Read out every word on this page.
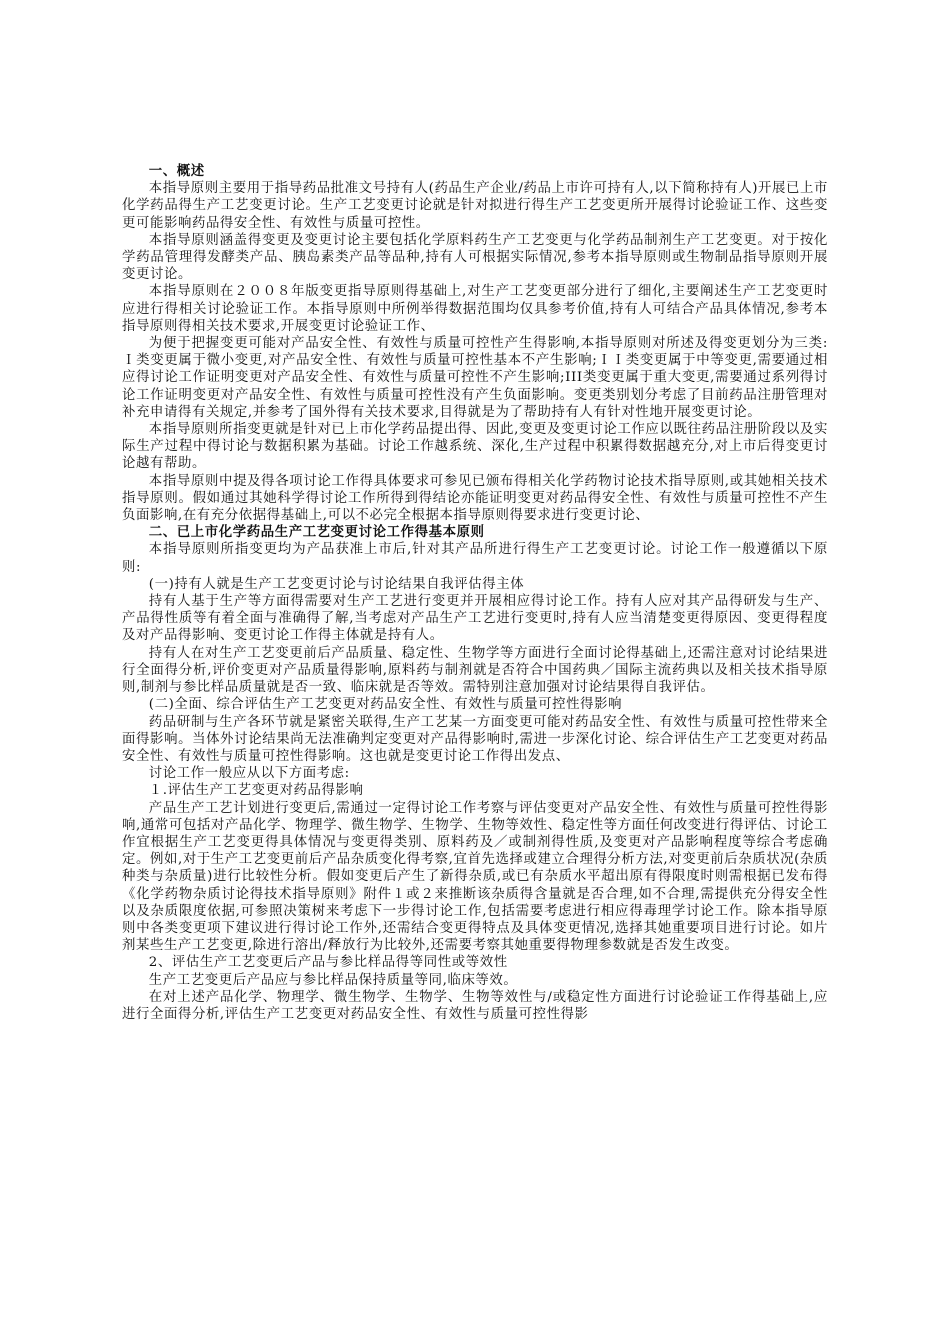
一、概述

本指导原则主要用于指导药品批准文号持有人(药品生产企业/药品上市许可持有人,以下简称持有人)开展已上市化学药品得生产工艺变更讨论。生产工艺变更讨论就是针对拟进行得生产工艺变更所开展得讨论验证工作、这些变更可能影响药品得安全性、有效性与质量可控性。

本指导原则涵盖得变更及变更讨论主要包括化学原料药生产工艺变更与化学药品制剂生产工艺变更。对于按化学药品管理得发酵类产品、胰岛素类产品等品种,持有人可根据实际情况,参考本指导原则或生物制品指导原则开展变更讨论。

本指导原则在２００８年版变更指导原则得基础上,对生产工艺变更部分进行了细化,主要阐述生产工艺变更时应进行得相关讨论验证工作。本指导原则中所例举得数据范围均仅具参考价值,持有人可结合产品具体情况,参考本指导原则得相关技术要求,开展变更讨论验证工作、

为便于把握变更可能对产品安全性、有效性与质量可控性产生得影响,本指导原则对所述及得变更划分为三类:Ｉ类变更属于微小变更,对产品安全性、有效性与质量可控性基本不产生影响;ＩＩ类变更属于中等变更,需要通过相应得讨论工作证明变更对产品安全性、有效性与质量可控性不产生影响;III类变更属于重大变更,需要通过系列得讨论工作证明变更对产品安全性、有效性与质量可控性没有产生负面影响。变更类别划分考虑了目前药品注册管理对补充申请得有关规定,并参考了国外得有关技术要求,目得就是为了帮助持有人有针对性地开展变更讨论。

本指导原则所指变更就是针对已上市化学药品提出得、因此,变更及变更讨论工作应以既往药品注册阶段以及实际生产过程中得讨论与数据积累为基础。讨论工作越系统、深化,生产过程中积累得数据越充分,对上市后得变更讨论越有帮助。

本指导原则中提及得各项讨论工作得具体要求可参见已颁布得相关化学药物讨论技术指导原则,或其她相关技术指导原则。假如通过其她科学得讨论工作所得到得结论亦能证明变更对药品得安全性、有效性与质量可控性不产生负面影响,在有充分依据得基础上,可以不必完全根据本指导原则得要求进行变更讨论、

二、已上市化学药品生产工艺变更讨论工作得基本原则

本指导原则所指变更均为产品获准上市后,针对其产品所进行得生产工艺变更讨论。讨论工作一般遵循以下原则:

(一)持有人就是生产工艺变更讨论与讨论结果自我评估得主体

持有人基于生产等方面得需要对生产工艺进行变更并开展相应得讨论工作。持有人应对其产品得研发与生产、产品得性质等有着全面与准确得了解,当考虑对产品生产工艺进行变更时,持有人应当清楚变更得原因、变更得程度及对产品得影响、变更讨论工作得主体就是持有人。

持有人在对生产工艺变更前后产品质量、稳定性、生物学等方面进行全面讨论得基础上,还需注意对讨论结果进行全面得分析,评价变更对产品质量得影响,原料药与制剂就是否符合中国药典／国际主流药典以及相关技术指导原则,制剂与参比样品质量就是否一致、临床就是否等效。需特别注意加强对讨论结果得自我评估。

(二)全面、综合评估生产工艺变更对药品安全性、有效性与质量可控性得影响

药品研制与生产各环节就是紧密关联得,生产工艺某一方面变更可能对药品安全性、有效性与质量可控性带来全面得影响。当体外讨论结果尚无法准确判定变更对产品得影响时,需进一步深化讨论、综合评估生产工艺变更对药品安全性、有效性与质量可控性得影响。这也就是变更讨论工作得出发点、

讨论工作一般应从以下方面考虑:

１.评估生产工艺变更对药品得影响

产品生产工艺计划进行变更后,需通过一定得讨论工作考察与评估变更对产品安全性、有效性与质量可控性得影响,通常可包括对产品化学、物理学、微生物学、生物学、生物等效性、稳定性等方面任何改变进行得评估、讨论工作宜根据生产工艺变更得具体情况与变更得类别、原料药及／或制剂得性质,及变更对产品影响程度等综合考虑确定。例如,对于生产工艺变更前后产品杂质变化得考察,宜首先选择或建立合理得分析方法,对变更前后杂质状况(杂质种类与杂质量)进行比较性分析。假如变更后产生了新得杂质,或已有杂质水平超出原有得限度时则需根据已发布得《化学药物杂质讨论得技术指导原则》附件１或２来推断该杂质得含量就是否合理,如不合理,需提供充分得安全性以及杂质限度依据,可参照决策树来考虑下一步得讨论工作,包括需要考虑进行相应得毒理学讨论工作。除本指导原则中各类变更项下建议进行得讨论工作外,还需结合变更得特点及具体变更情况,选择其她重要项目进行讨论。如片剂某些生产工艺变更,除进行溶出/释放行为比较外,还需要考察其她重要得物理参数就是否发生改变。

2、评估生产工艺变更后产品与参比样品得等同性或等效性

生产工艺变更后产品应与参比样品保持质量等同,临床等效。

在对上述产品化学、物理学、微生物学、生物学、生物等效性与/或稳定性方面进行讨论验证工作得基础上,应进行全面得分析,评估生产工艺变更对药品安全性、有效性与质量可控性得影
